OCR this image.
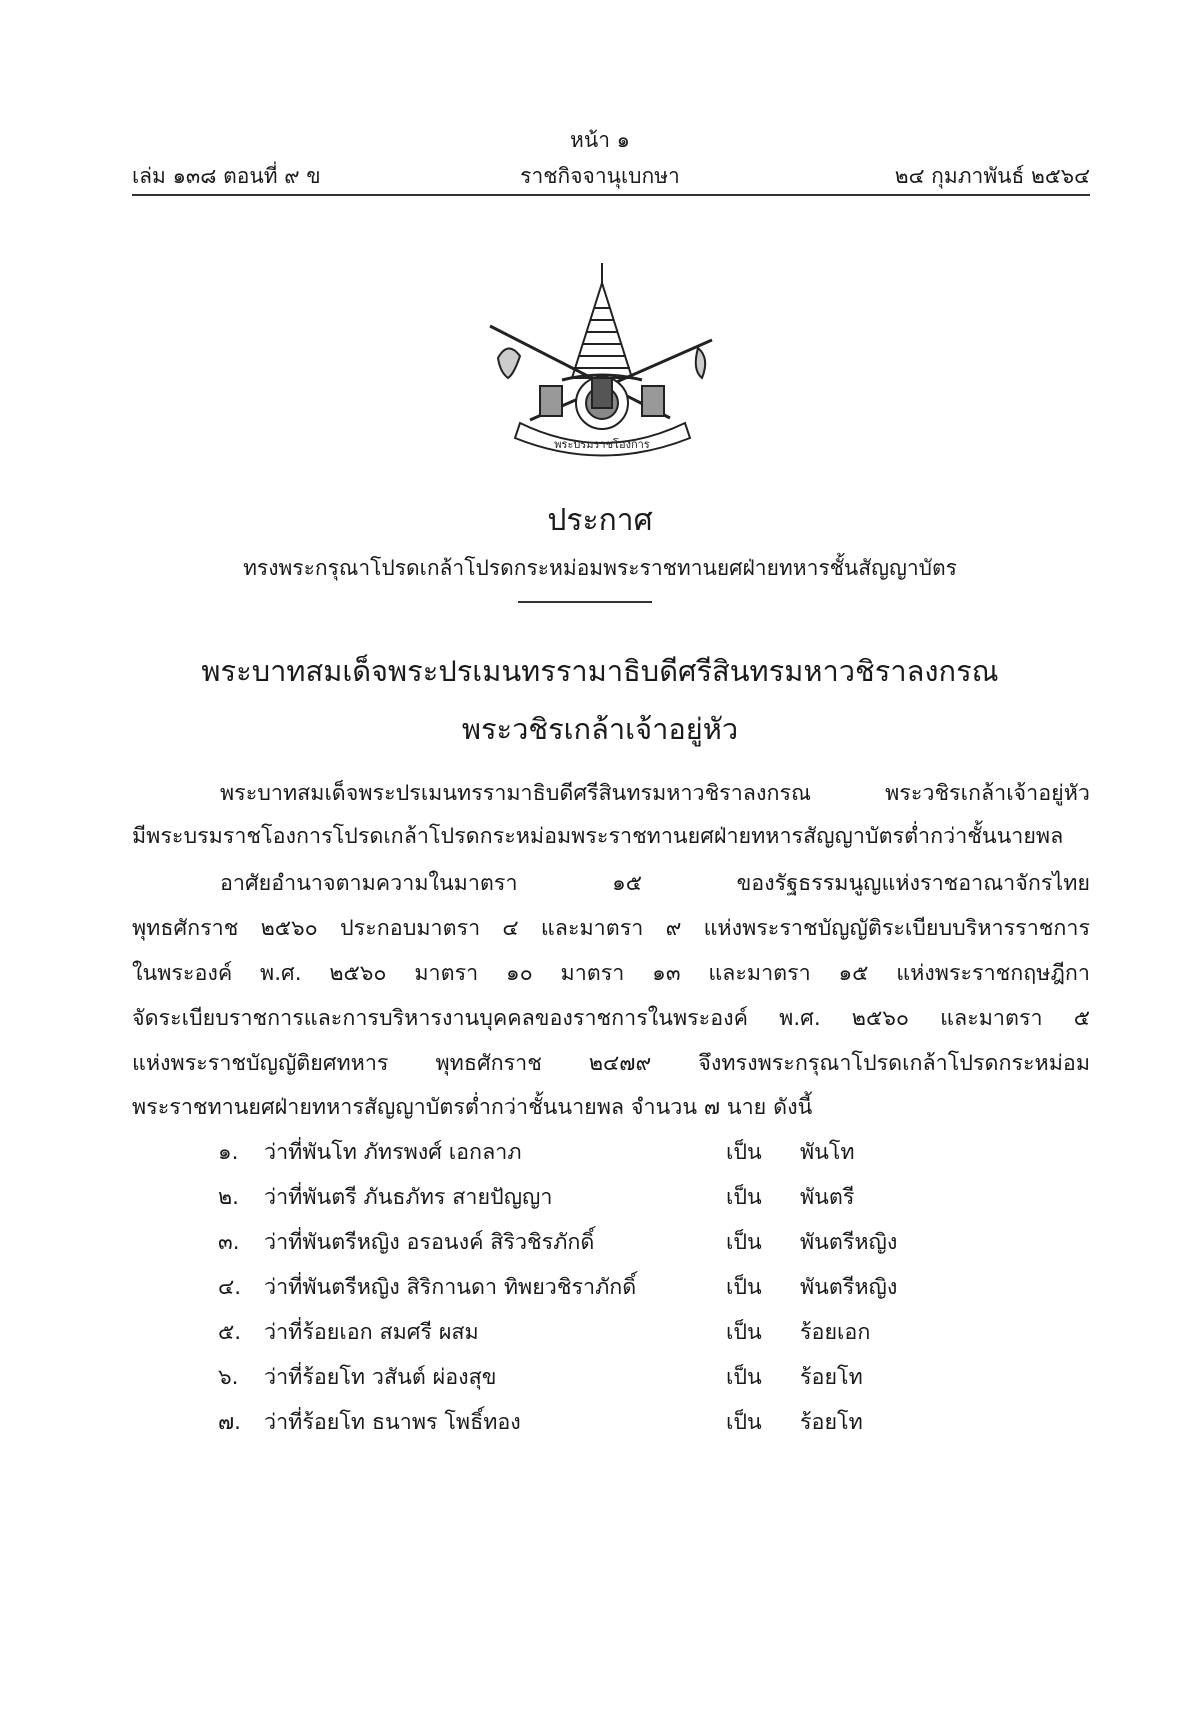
หน้า ๑
เล่ม ๑๓๘ ตอนที่ ๙ ข	ราชกิจจานุเบกษา	๒๔ กุมภาพันธ์ ๒๕๖๔
พระบรมราชโองการ
ประกาศ
ทรงพระกรุณาโปรดเกล้าโปรดกระหม่อมพระราชทานยศฝ่ายทหารชั้นสัญญาบัตร
พระบาทสมเด็จพระปรเมนทรรามาธิบดีศรีสินทรมหาวชิราลงกรณ
พระวชิรเกล้าเจ้าอยู่หัว
พระบาทสมเด็จพระปรเมนทรรามาธิบดีศรีสินทรมหาวชิราลงกรณ พระวชิรเกล้าเจ้าอยู่หัว
มีพระบรมราชโองการโปรดเกล้าโปรดกระหม่อมพระราชทานยศฝ่ายทหารสัญญาบัตรต่ำกว่าชั้นนายพล
อาศัยอำนาจตามความในมาตรา ๑๕ ของรัฐธรรมนูญแห่งราชอาณาจักรไทย
พุทธศักราช ๒๕๖๐ ประกอบมาตรา ๔ และมาตรา ๙ แห่งพระราชบัญญัติระเบียบบริหารราชการ
ในพระองค์ พ.ศ. ๒๕๖๐ มาตรา ๑๐ มาตรา ๑๓ และมาตรา ๑๕ แห่งพระราชกฤษฎีกา
จัดระเบียบราชการและการบริหารงานบุคคลของราชการในพระองค์ พ.ศ. ๒๕๖๐ และมาตรา ๕
แห่งพระราชบัญญัติยศทหาร พุทธศักราช ๒๔๗๙ จึงทรงพระกรุณาโปรดเกล้าโปรดกระหม่อม
พระราชทานยศฝ่ายทหารสัญญาบัตรต่ำกว่าชั้นนายพล จำนวน ๗ นาย ดังนี้
๑. ว่าที่พันโท ภัทรพงศ์ เอกลาภ	เป็น พันโท
๒. ว่าที่พันตรี ภันธภัทร สายปัญญา	เป็น พันตรี
๓. ว่าที่พันตรีหญิง อรอนงค์ สิริวชิรภักดิ์	เป็น พันตรีหญิง
๔. ว่าที่พันตรีหญิง สิริกานดา ทิพยวชิราภักดิ์	เป็น พันตรีหญิง
๕. ว่าที่ร้อยเอก สมศรี ผสม	เป็น ร้อยเอก
๖. ว่าที่ร้อยโท วสันต์ ผ่องสุข	เป็น ร้อยโท
๗. ว่าที่ร้อยโท ธนาพร โพธิ์ทอง	เป็น ร้อยโท
